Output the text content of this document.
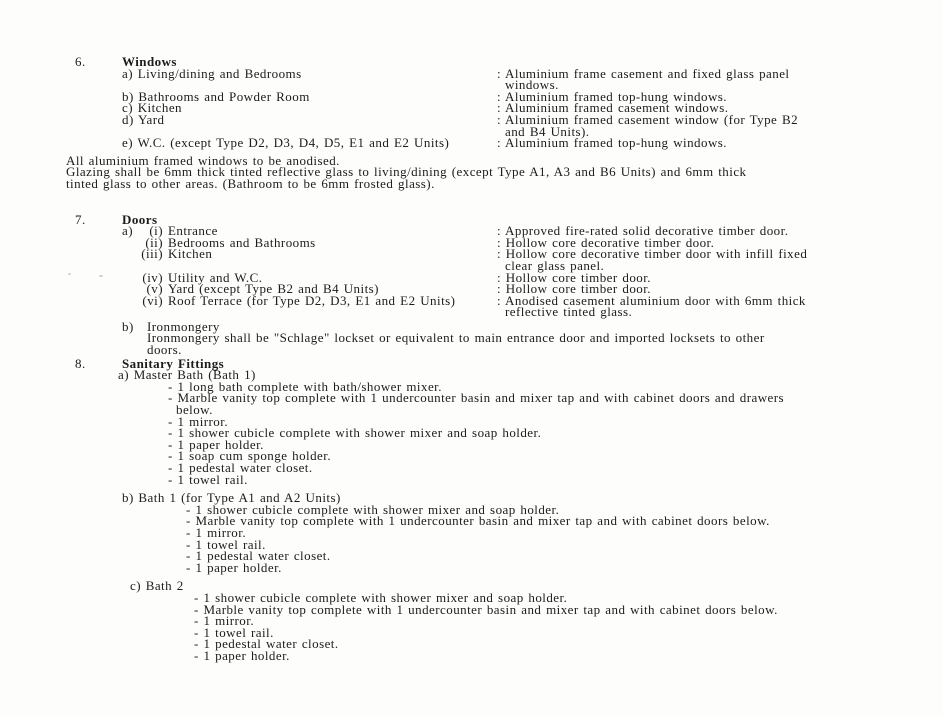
6.	Windows
a) Living/dining and Bedrooms	: Aluminium frame casement and fixed glass panel
windows.
b) Bathrooms and Powder Room	: Aluminium framed top-hung windows.
c) Kitchen	: Aluminium framed casement windows.
d) Yard	: Aluminium framed casement window (for Type B2
and B4 Units).
e) W.C. (except Type D2, D3, D4, D5, E1 and E2 Units)	: Aluminium framed top-hung windows.
All aluminium framed windows to be anodised.
Glazing shall be 6mm thick tinted reflective glass to living/dining (except Type A1, A3 and B6 Units) and 6mm thick
tinted glass to other areas. (Bathroom to be 6mm frosted glass).
7.	Doors
a) (i) Entrance	: Approved fire-rated solid decorative timber door.
(ii) Bedrooms and Bathrooms	: Hollow core decorative timber door.
(iii) Kitchen	: Hollow core decorative timber door with infill fixed
clear glass panel.
(iv) Utility and W.C.	: Hollow core timber door.
(v) Yard (except Type B2 and B4 Units)	: Hollow core timber door.
(vi) Roof Terrace (for Type D2, D3, E1 and E2 Units)	: Anodised casement aluminium door with 6mm thick
reflective tinted glass.
b)	Ironmongery
Ironmongery shall be "Schlage" lockset or equivalent to main entrance door and imported locksets to other
doors.
8.	Sanitary Fittings
a) Master Bath (Bath 1)
- 1 long bath complete with bath/shower mixer.
- Marble vanity top complete with 1 undercounter basin and mixer tap and with cabinet doors and drawers
below.
- 1 mirror.
- 1 shower cubicle complete with shower mixer and soap holder.
- 1 paper holder.
- 1 soap cum sponge holder.
- 1 pedestal water closet.
- 1 towel rail.
b) Bath 1 (for Type A1 and A2 Units)
- 1 shower cubicle complete with shower mixer and soap holder.
- Marble vanity top complete with 1 undercounter basin and mixer tap and with cabinet doors below.
- 1 mirror.
- 1 towel rail.
- 1 pedestal water closet.
- 1 paper holder.
c) Bath 2
- 1 shower cubicle complete with shower mixer and soap holder.
- Marble vanity top complete with 1 undercounter basin and mixer tap and with cabinet doors below.
- 1 mirror.
- 1 towel rail.
- 1 pedestal water closet.
- 1 paper holder.
